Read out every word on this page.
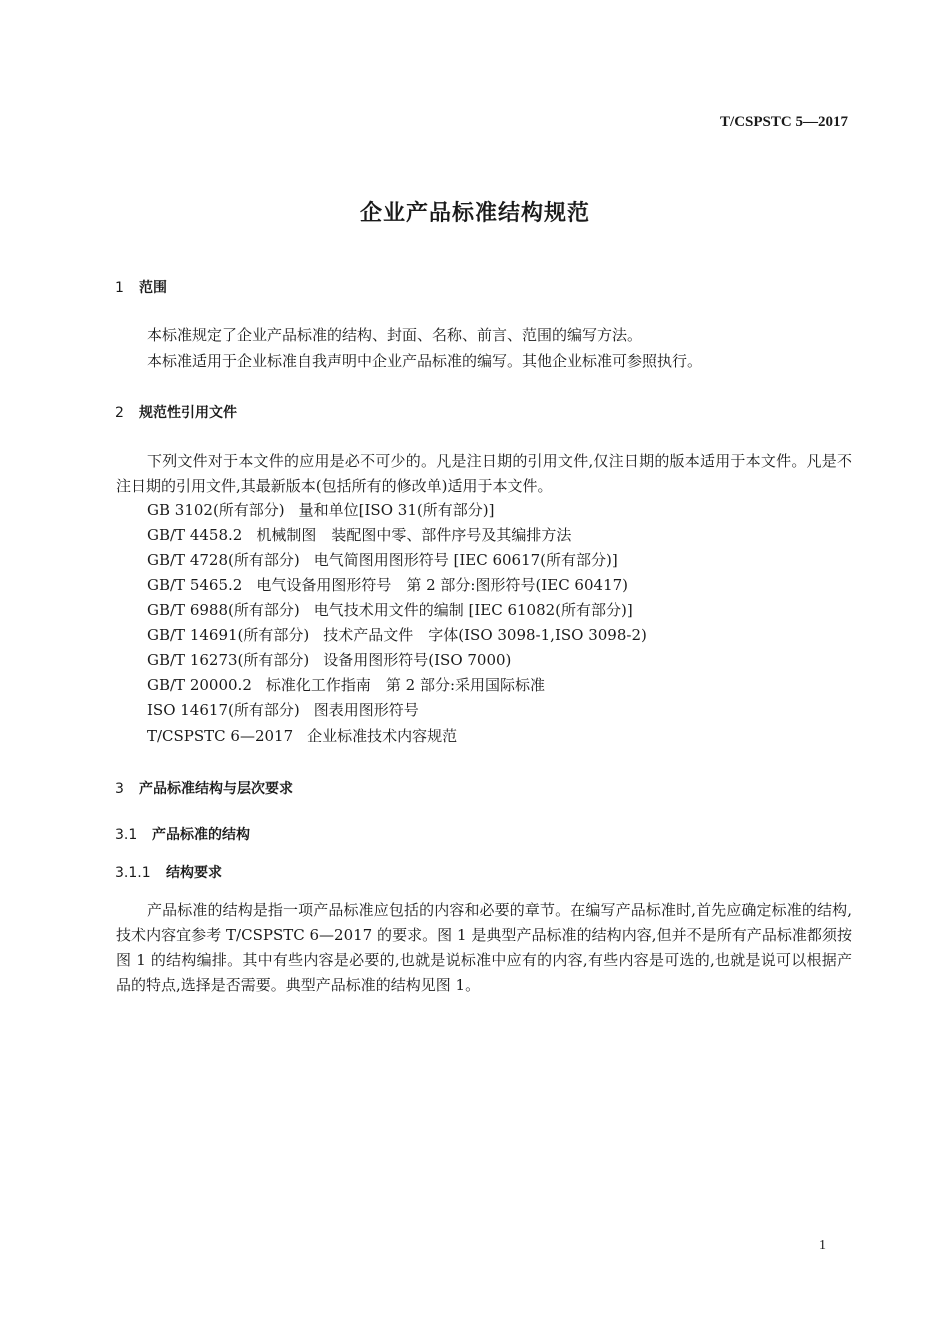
T/CSPSTC 5—2017
企业产品标准结构规范
1 范围
本标准规定了企业产品标准的结构、封面、名称、前言、范围的编写方法。
本标准适用于企业标准自我声明中企业产品标准的编写。其他企业标准可参照执行。
2 规范性引用文件
下列文件对于本文件的应用是必不可少的。凡是注日期的引用文件,仅注日期的版本适用于本文件。凡是不注日期的引用文件,其最新版本(包括所有的修改单)适用于本文件。
GB 3102(所有部分) 量和单位[ISO 31(所有部分)]
GB/T 4458.2 机械制图　装配图中零、部件序号及其编排方法
GB/T 4728(所有部分) 电气简图用图形符号 [IEC 60617(所有部分)]
GB/T 5465.2 电气设备用图形符号　第 2 部分:图形符号(IEC 60417)
GB/T 6988(所有部分) 电气技术用文件的编制 [IEC 61082(所有部分)]
GB/T 14691(所有部分) 技术产品文件　字体(ISO 3098-1,ISO 3098-2)
GB/T 16273(所有部分) 设备用图形符号(ISO 7000)
GB/T 20000.2 标准化工作指南　第 2 部分:采用国际标准
ISO 14617(所有部分) 图表用图形符号
T/CSPSTC 6—2017 企业标准技术内容规范
3 产品标准结构与层次要求
3.1 产品标准的结构
3.1.1 结构要求
产品标准的结构是指一项产品标准应包括的内容和必要的章节。在编写产品标准时,首先应确定标准的结构,技术内容宜参考 T/CSPSTC 6—2017 的要求。图 1 是典型产品标准的结构内容,但并不是所有产品标准都须按图 1 的结构编排。其中有些内容是必要的,也就是说标准中应有的内容,有些内容是可选的,也就是说可以根据产品的特点,选择是否需要。典型产品标准的结构见图 1。
1
